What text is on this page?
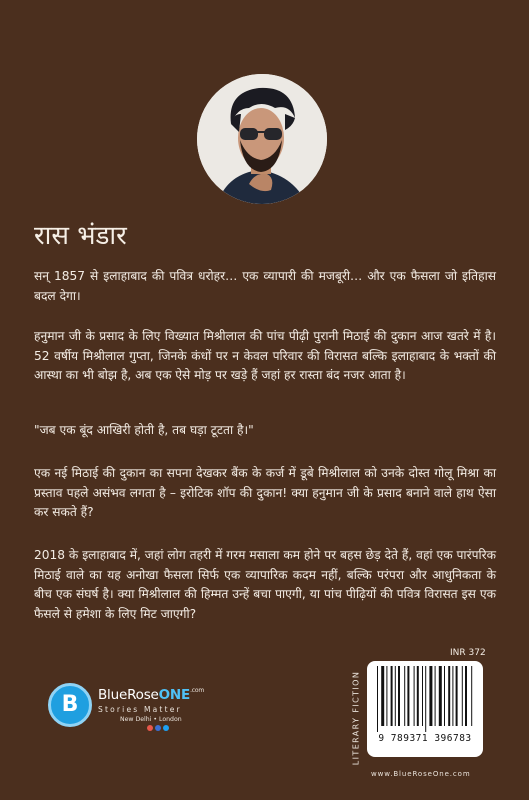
रास भंडार

सन् 1857 से इलाहाबाद की पवित्र धरोहर… एक व्यापारी की मजबूरी… और एक फैसला जो इतिहास बदल देगा।

हनुमान जी के प्रसाद के लिए विख्यात मिश्रीलाल की पांच पीढ़ी पुरानी मिठाई की दुकान आज खतरे में है। 52 वर्षीय मिश्रीलाल गुप्ता, जिनके कंधों पर न केवल परिवार की विरासत बल्कि इलाहाबाद के भक्तों की आस्था का भी बोझ है, अब एक ऐसे मोड़ पर खड़े हैं जहां हर रास्ता बंद नजर आता है।

"जब एक बूंद आखिरी होती है, तब घड़ा टूटता है।"

एक नई मिठाई की दुकान का सपना देखकर बैंक के कर्ज में डूबे मिश्रीलाल को उनके दोस्त गोलू मिश्रा का प्रस्ताव पहले असंभव लगता है – इरोटिक शॉप की दुकान! क्या हनुमान जी के प्रसाद बनाने वाले हाथ ऐसा कर सकते हैं?

2018 के इलाहाबाद में, जहां लोग तहरी में गरम मसाला कम होने पर बहस छेड़ देते हैं, वहां एक पारंपरिक मिठाई वाले का यह अनोखा फैसला सिर्फ एक व्यापारिक कदम नहीं, बल्कि परंपरा और आधुनिकता के बीच एक संघर्ष है। क्या मिश्रीलाल की हिम्मत उन्हें बचा पाएगी, या पांच पीढ़ियों की पवित्र विरासत इस एक फैसले से हमेशा के लिए मिट जाएगी?

B	BlueRoseONE$^{.com}$
Stories Matter
New Delhi • London	LITERARY FICTION
INR 372
9 789371 396783
www.BlueRoseOne.com
